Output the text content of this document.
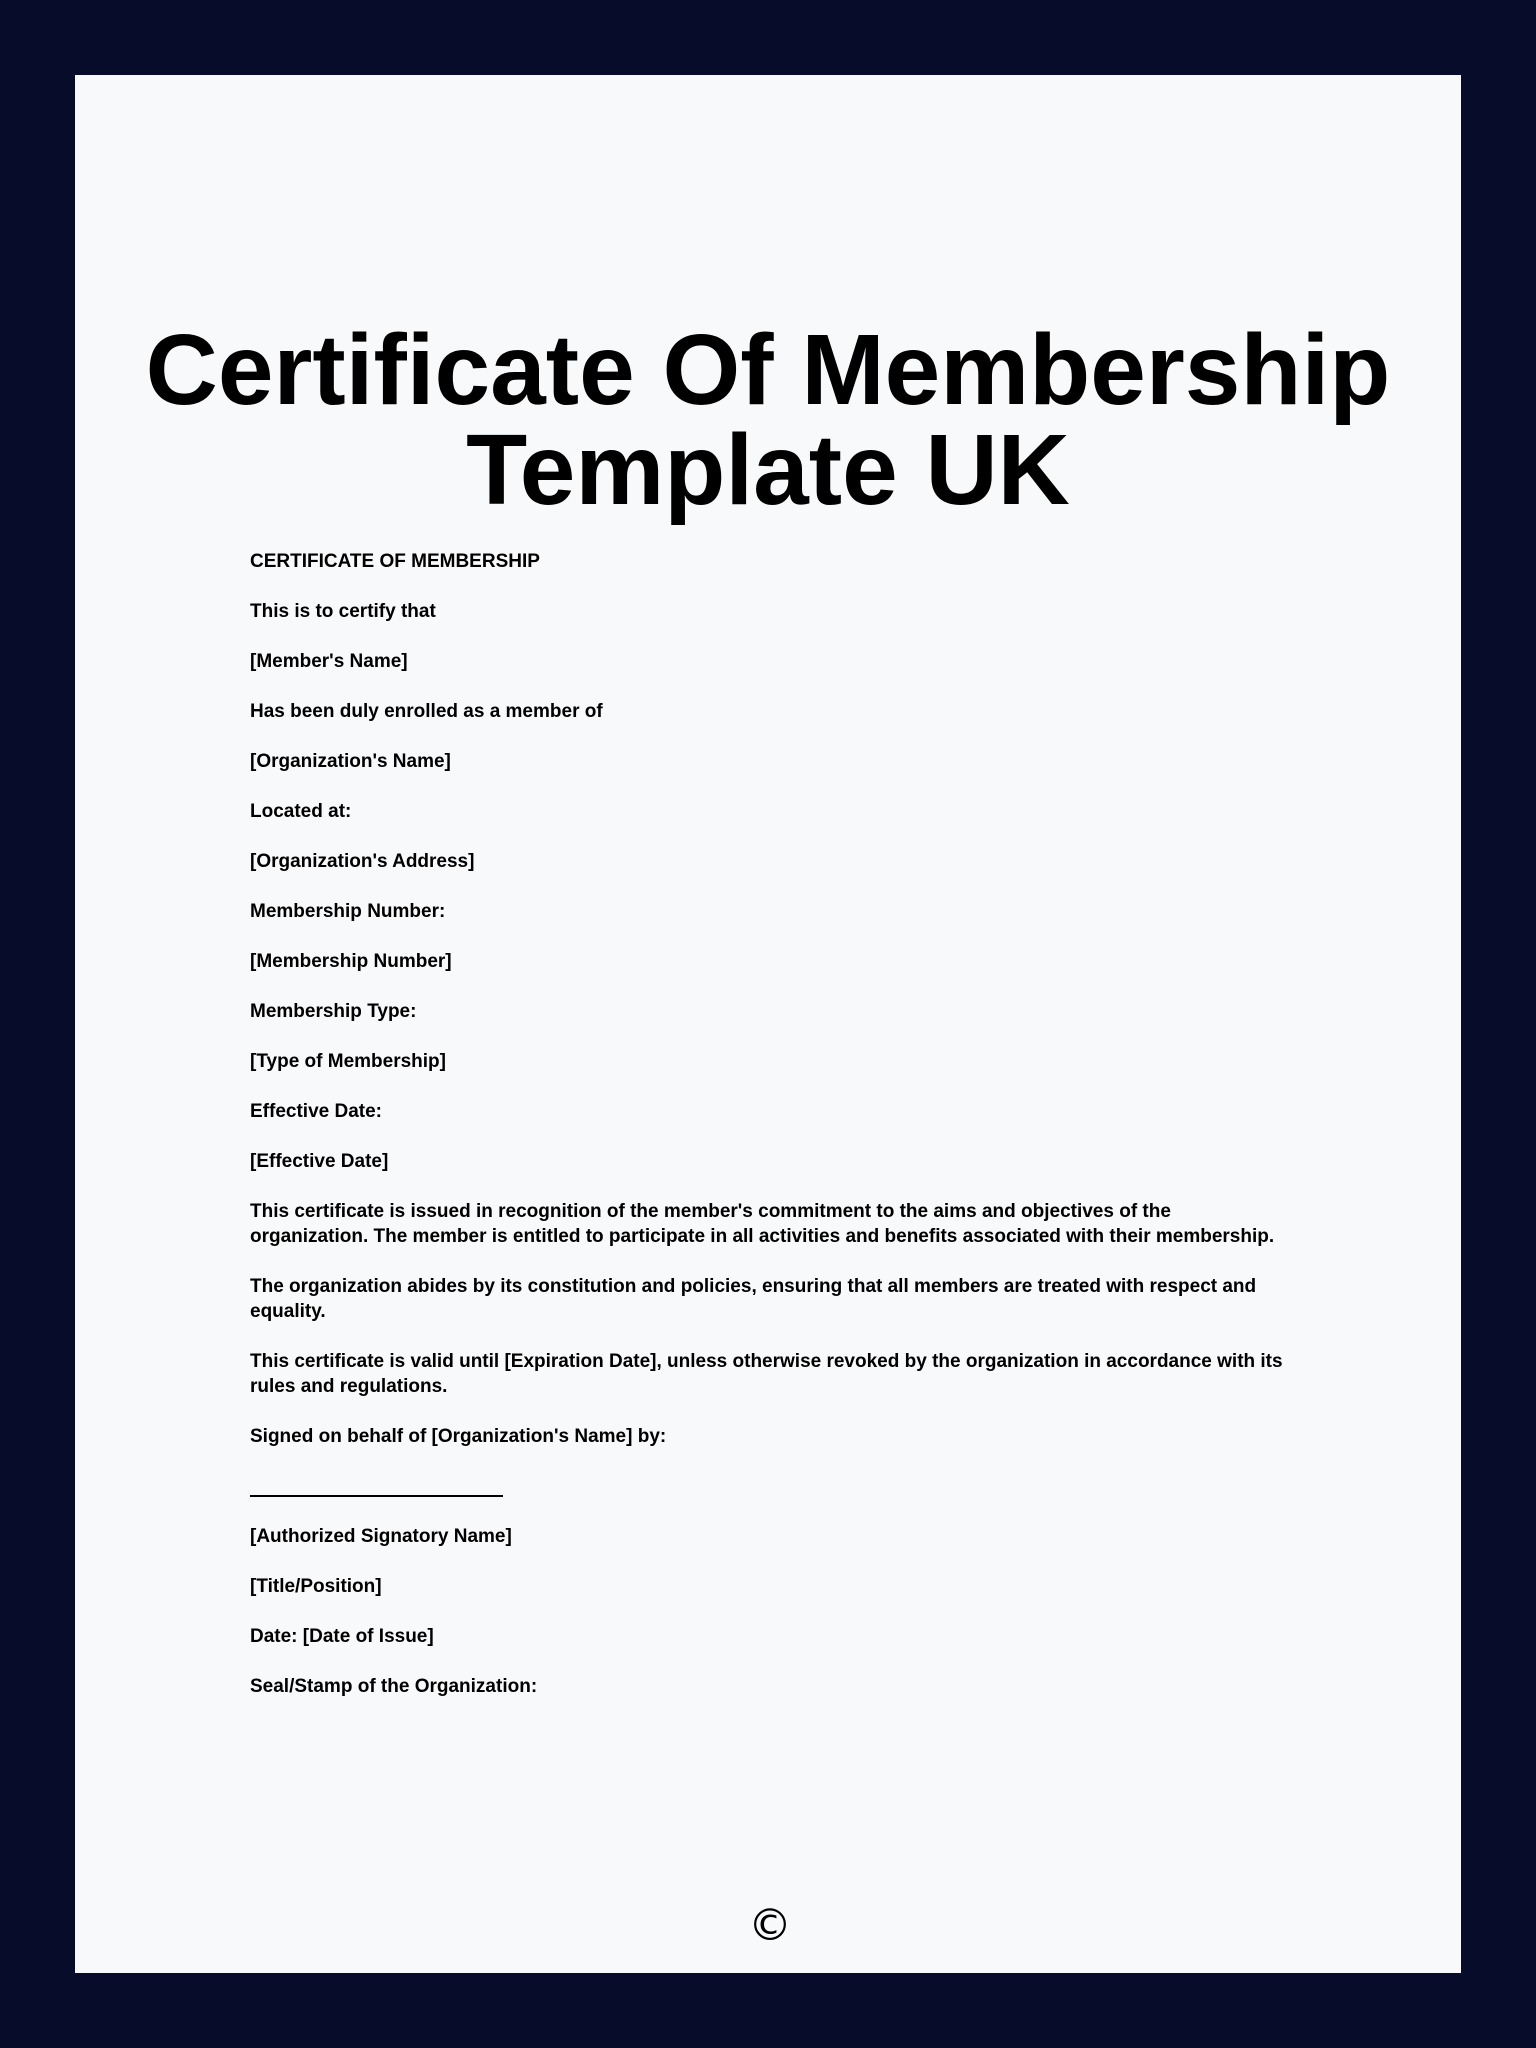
Certificate Of Membership
Template UK

CERTIFICATE OF MEMBERSHIP

This is to certify that

[Member's Name]

Has been duly enrolled as a member of

[Organization's Name]

Located at:

[Organization's Address]

Membership Number:

[Membership Number]

Membership Type:

[Type of Membership]

Effective Date:

[Effective Date]

This certificate is issued in recognition of the member's commitment to the aims and objectives of the organization. The member is entitled to participate in all activities and benefits associated with their membership.

The organization abides by its constitution and policies, ensuring that all members are treated with respect and equality.

This certificate is valid until [Expiration Date], unless otherwise revoked by the organization in accordance with its rules and regulations.

Signed on behalf of [Organization's Name] by:

[Authorized Signatory Name]

[Title/Position]

Date: [Date of Issue]

Seal/Stamp of the Organization:

©
